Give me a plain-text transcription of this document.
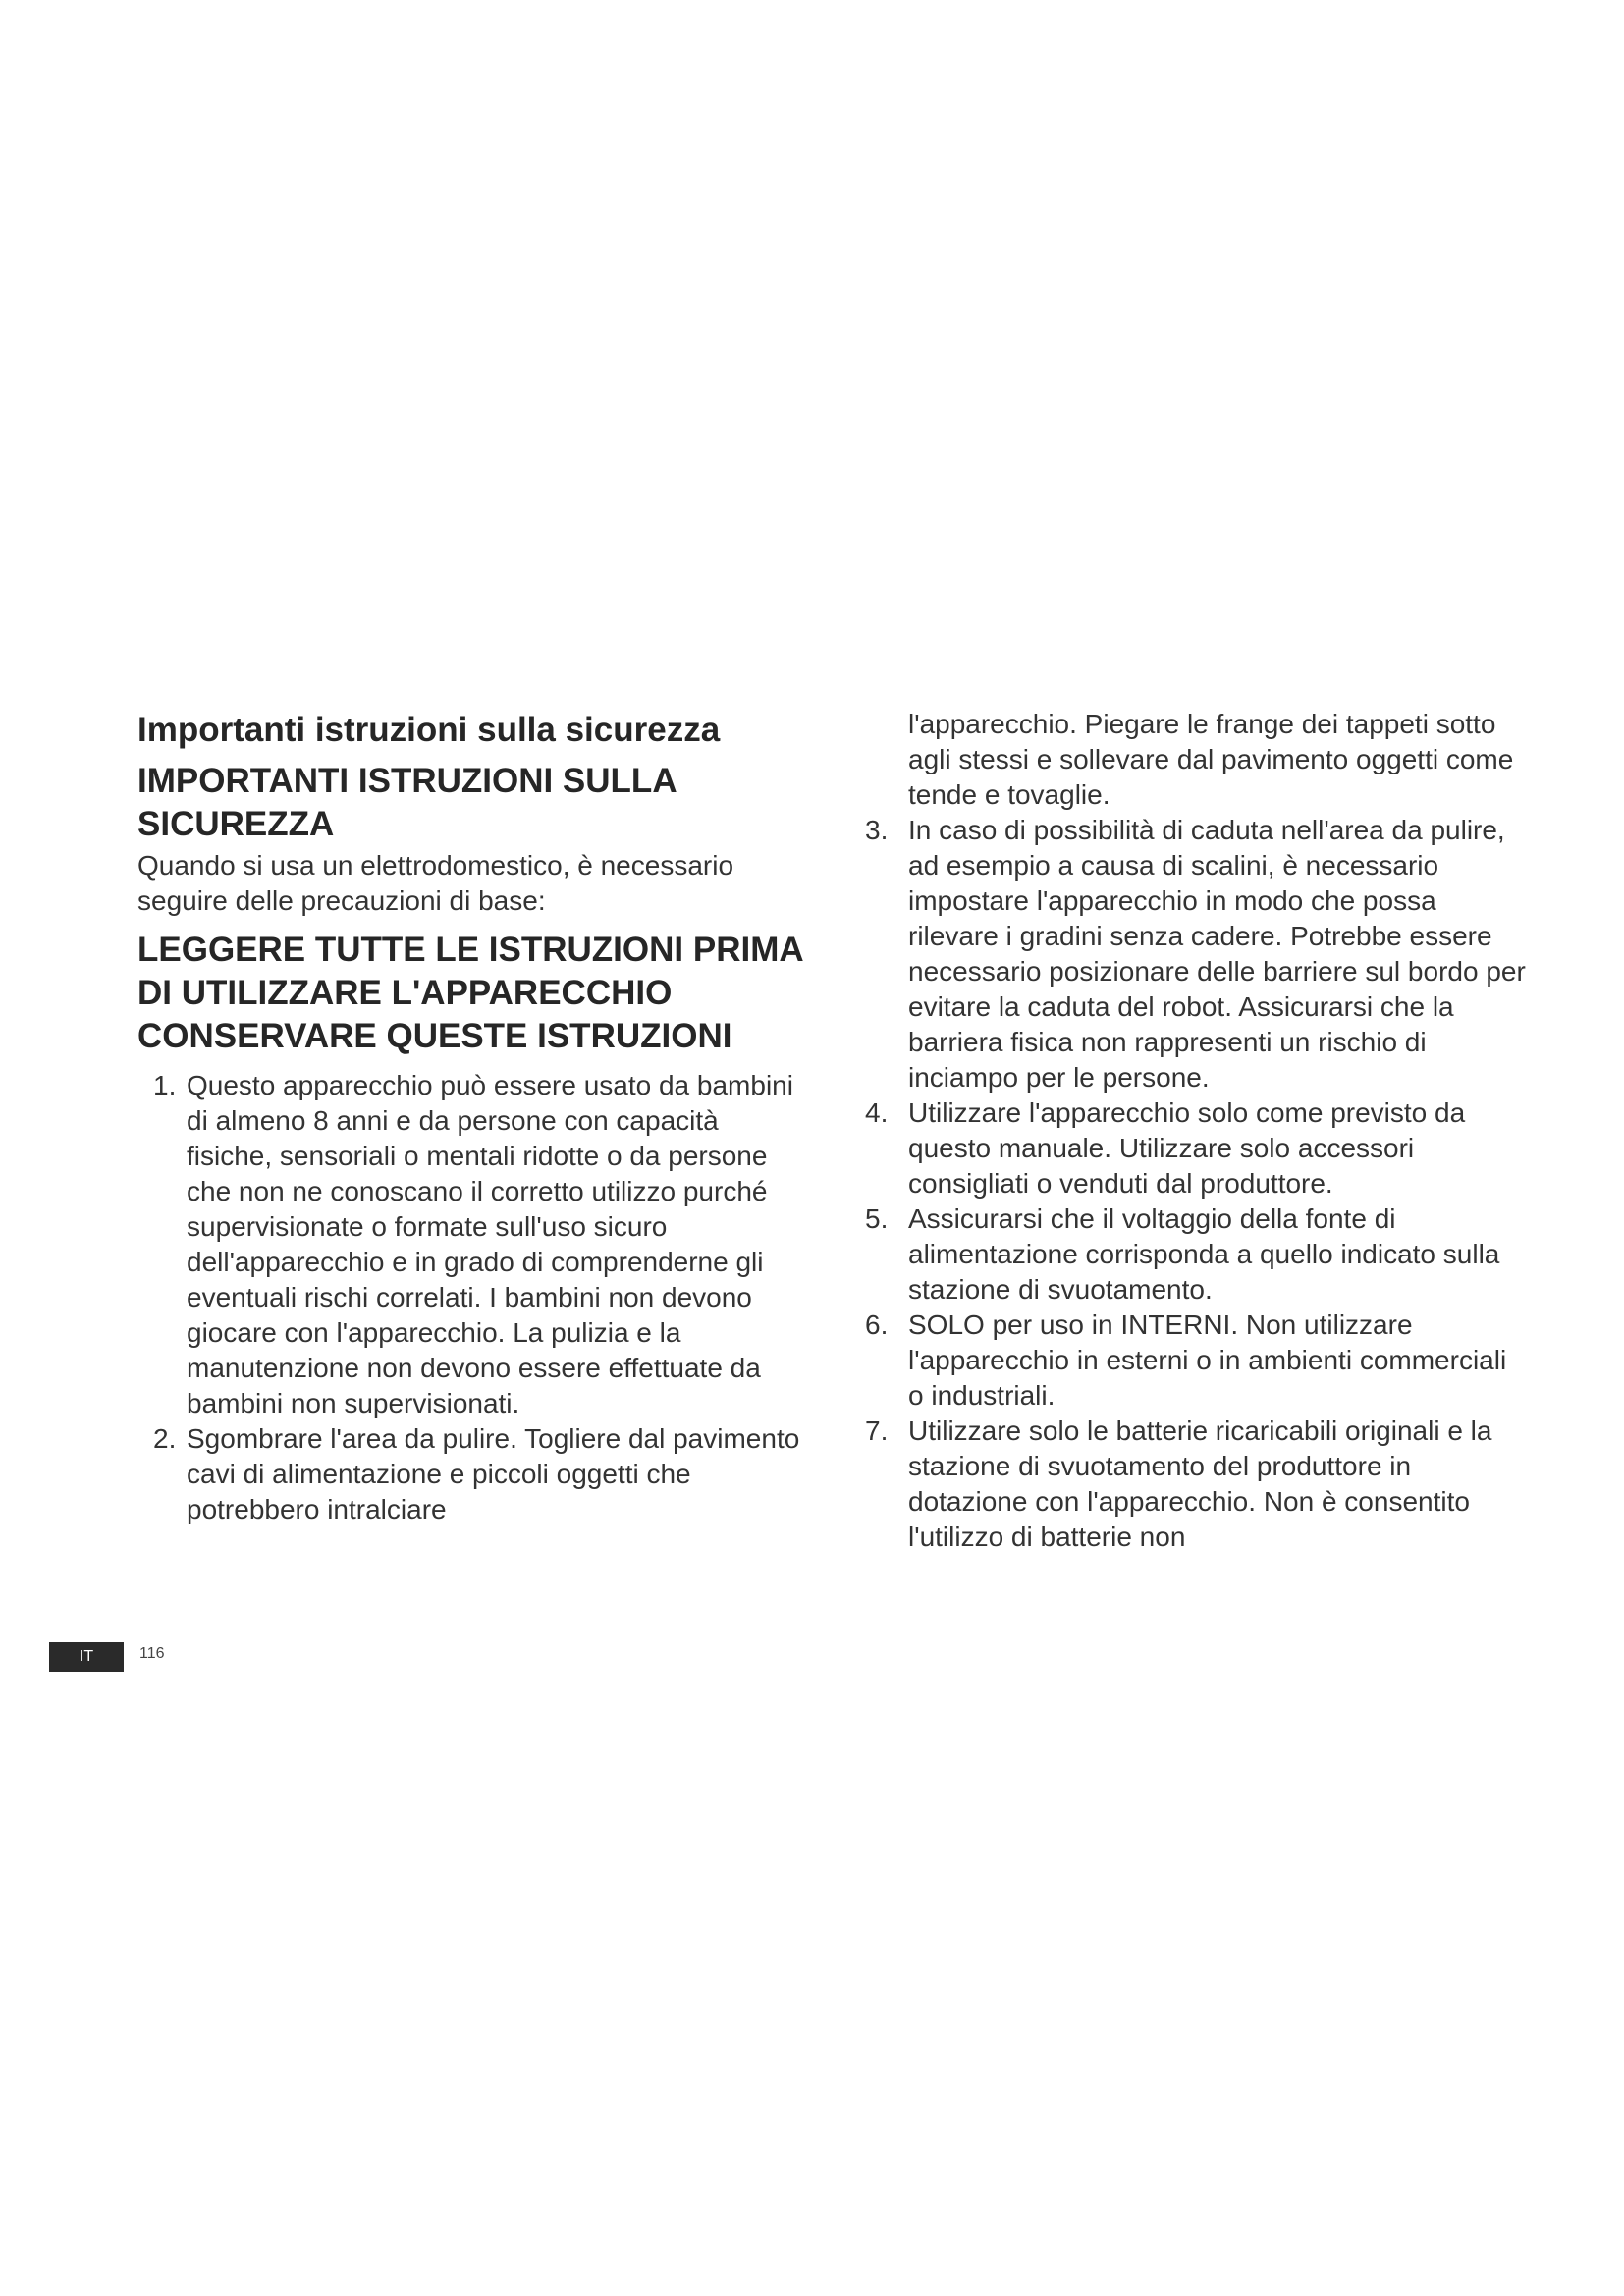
Importanti istruzioni sulla sicurezza
IMPORTANTI ISTRUZIONI SULLA SICUREZZA
Quando si usa un elettrodomestico, è necessario seguire delle precauzioni di base:
LEGGERE TUTTE LE ISTRUZIONI PRIMA DI UTILIZZARE L'APPARECCHIO
CONSERVARE QUESTE ISTRUZIONI
1. Questo apparecchio può essere usato da bambini di almeno 8 anni e da persone con capacità fisiche, sensoriali o mentali ridotte o da persone che non ne conoscano il corretto utilizzo purché supervisionate o formate sull'uso sicuro dell'apparecchio e in grado di comprenderne gli eventuali rischi correlati. I bambini non devono giocare con l'apparecchio. La pulizia e la manutenzione non devono essere effettuate da bambini non supervisionati.
2. Sgombrare l'area da pulire. Togliere dal pavimento cavi di alimentazione e piccoli oggetti che potrebbero intralciare
l'apparecchio. Piegare le frange dei tappeti sotto agli stessi e sollevare dal pavimento oggetti come tende e tovaglie.
3. In caso di possibilità di caduta nell'area da pulire, ad esempio a causa di scalini, è necessario impostare l'apparecchio in modo che possa rilevare i gradini senza cadere. Potrebbe essere necessario posizionare delle barriere sul bordo per evitare la caduta del robot. Assicurarsi che la barriera fisica non rappresenti un rischio di inciampo per le persone.
4. Utilizzare l'apparecchio solo come previsto da questo manuale. Utilizzare solo accessori consigliati o venduti dal produttore.
5. Assicurarsi che il voltaggio della fonte di alimentazione corrisponda a quello indicato sulla stazione di svuotamento.
6. SOLO per uso in INTERNI. Non utilizzare l'apparecchio in esterni o in ambienti commerciali o industriali.
7. Utilizzare solo le batterie ricaricabili originali e la stazione di svuotamento del produttore in dotazione con l'apparecchio. Non è consentito l'utilizzo di batterie non
IT	116
